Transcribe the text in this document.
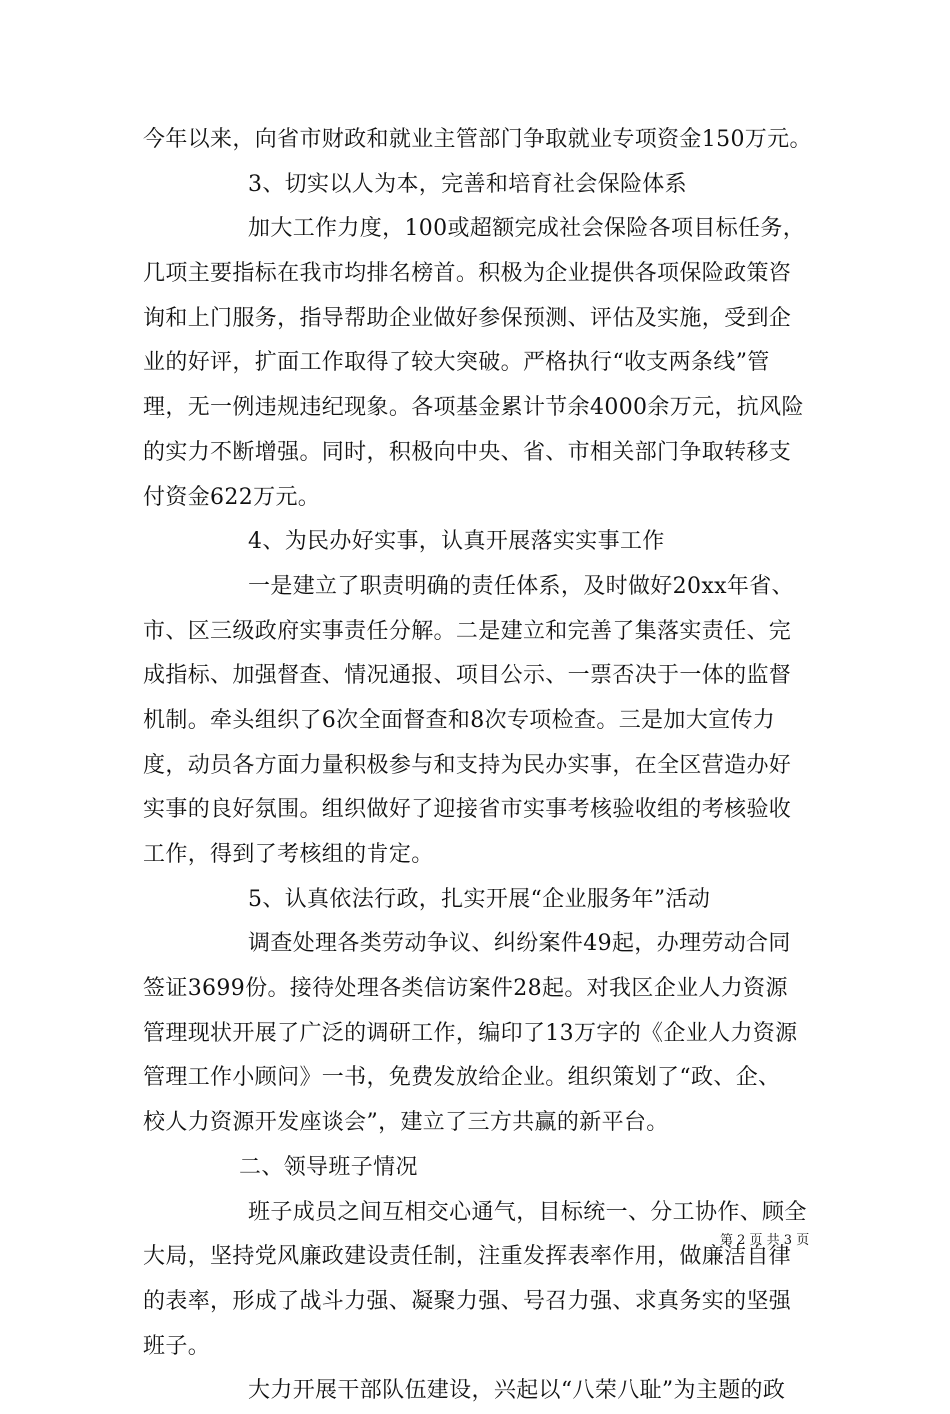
今年以来，向省市财政和就业主管部门争取就业专项资金150万元。
3、切实以人为本，完善和培育社会保险体系
加大工作力度，100或超额完成社会保险各项目标任务，
几项主要指标在我市均排名榜首。积极为企业提供各项保险政策咨
询和上门服务，指导帮助企业做好参保预测、评估及实施，受到企
业的好评，扩面工作取得了较大突破。严格执行“收支两条线”管
理，无一例违规违纪现象。各项基金累计节余4000余万元，抗风险
的实力不断增强。同时，积极向中央、省、市相关部门争取转移支
付资金622万元。
4、为民办好实事，认真开展落实实事工作
一是建立了职责明确的责任体系，及时做好20xx年省、
市、区三级政府实事责任分解。二是建立和完善了集落实责任、完
成指标、加强督查、情况通报、项目公示、一票否决于一体的监督
机制。牵头组织了6次全面督查和8次专项检查。三是加大宣传力
度，动员各方面力量积极参与和支持为民办实事，在全区营造办好
实事的良好氛围。组织做好了迎接省市实事考核验收组的考核验收
工作，得到了考核组的肯定。
5、认真依法行政，扎实开展“企业服务年”活动
调查处理各类劳动争议、纠纷案件49起，办理劳动合同
签证3699份。接待处理各类信访案件28起。对我区企业人力资源
管理现状开展了广泛的调研工作，编印了13万字的《企业人力资源
管理工作小顾问》一书，免费发放给企业。组织策划了“政、企、
校人力资源开发座谈会”，建立了三方共赢的新平台。
二、领导班子情况
班子成员之间互相交心通气，目标统一、分工协作、顾全
大局，坚持党风廉政建设责任制，注重发挥表率作用，做廉洁自律
的表率，形成了战斗力强、凝聚力强、号召力强、求真务实的坚强
班子。
大力开展干部队伍建设，兴起以“八荣八耻”为主题的政
第 2 页 共 3 页
